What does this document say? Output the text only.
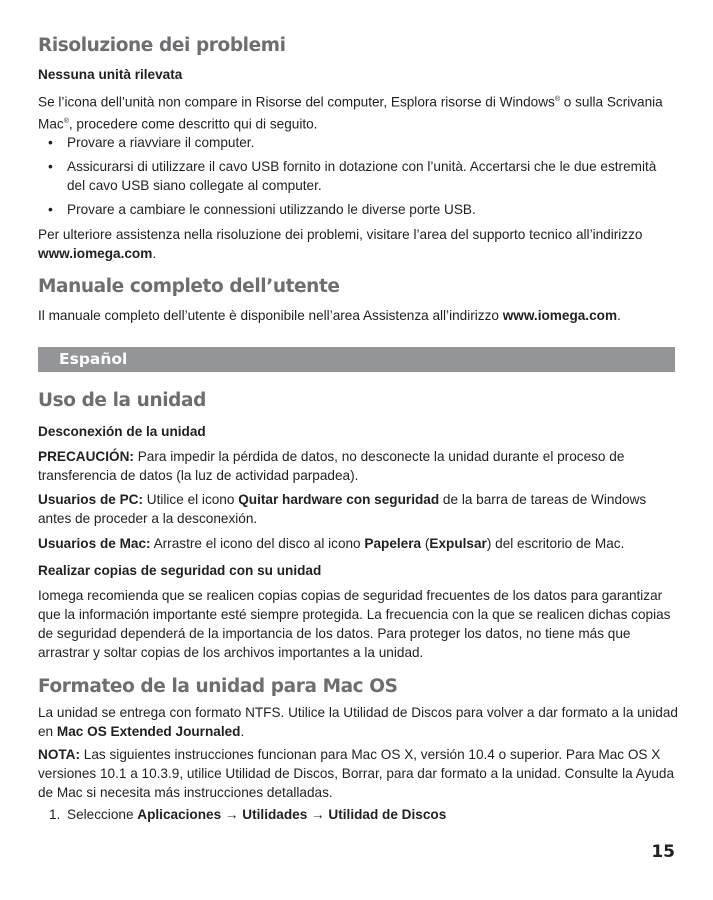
Risoluzione dei problemi
Nessuna unità rilevata

Se l’icona dell’unità non compare in Risorse del computer, Esplora risorse di Windows® o sulla Scrivania Mac®, procedere come descritto qui di seguito.

• Provare a riavviare il computer.
• Assicurarsi di utilizzare il cavo USB fornito in dotazione con l’unità. Accertarsi che le due estremità del cavo USB siano collegate al computer.
• Provare a cambiare le connessioni utilizzando le diverse porte USB.

Per ulteriore assistenza nella risoluzione dei problemi, visitare l’area del supporto tecnico all’indirizzo www.iomega.com.

Manuale completo dell’utente

Il manuale completo dell’utente è disponibile nell’area Assistenza all’indirizzo www.iomega.com.

Uso de la unidad
Desconexión de la unidad

PRECAUCIÓN: Para impedir la pérdida de datos, no desconecte la unidad durante el proceso de transferencia de datos (la luz de actividad parpadea).

Usuarios de PC: Utilice el icono Quitar hardware con seguridad de la barra de tareas de Windows antes de proceder a la desconexión.

Usuarios de Mac: Arrastre el icono del disco al icono Papelera (Expulsar) del escritorio de Mac.

Realizar copias de seguridad con su unidad

Iomega recomienda que se realicen copias copias de seguridad frecuentes de los datos para garantizar que la información importante esté siempre protegida. La frecuencia con la que se realicen dichas copias de seguridad dependerá de la importancia de los datos. Para proteger los datos, no tiene más que arrastrar y soltar copias de los archivos importantes a la unidad.

Formateo de la unidad para Mac OS

La unidad se entrega con formato NTFS. Utilice la Utilidad de Discos para volver a dar formato a la unidad en Mac OS Extended Journaled.

NOTA: Las siguientes instrucciones funcionan para Mac OS X, versión 10.4 o superior. Para Mac OS X versiones 10.1 a 10.3.9, utilice Utilidad de Discos, Borrar, para dar formato a la unidad. Consulte la Ayuda de Mac si necesita más instrucciones detalladas.

1. Seleccione Aplicaciones → Utilidades → Utilidad de Discos
Español
15
